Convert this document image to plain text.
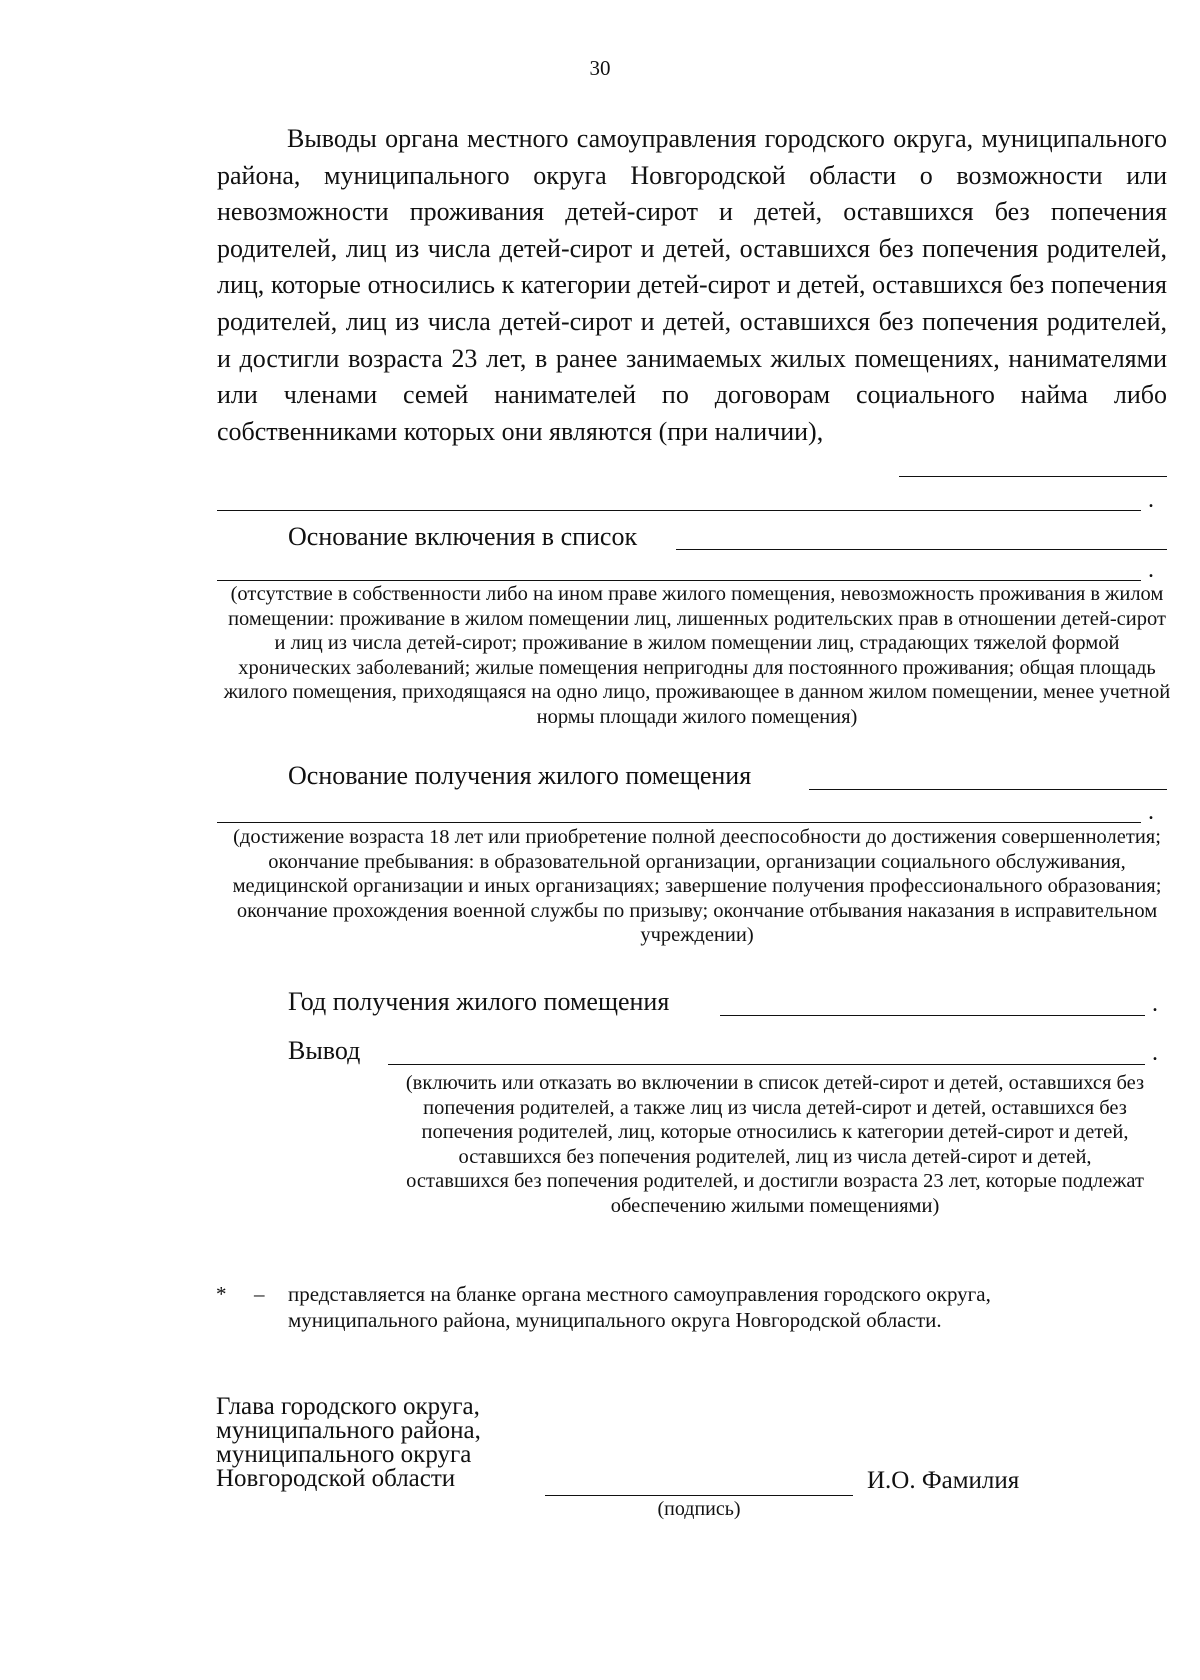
30
Выводы органа местного самоуправления городского округа, муниципального района, муниципального округа Новгородской области о возможности или невозможности проживания детей-сирот и детей, оставшихся без попечения родителей, лиц из числа детей-сирот и детей, оставшихся без попечения родителей, лиц, которые относились к категории детей-сирот и детей, оставшихся без попечения родителей, лиц из числа детей-сирот и детей, оставшихся без попечения родителей, и достигли возраста 23 лет, в ранее занимаемых жилых помещениях, нанимателями или членами семей нанимателей по договорам социального найма либо собственниками которых они являются (при наличии),
.
Основание включения в список
.
(отсутствие в собственности либо на ином праве жилого помещения, невозможность проживания в жилом помещении: проживание в жилом помещении лиц, лишенных родительских прав в отношении детей-сирот и лиц из числа детей-сирот; проживание в жилом помещении лиц, страдающих тяжелой формой хронических заболеваний; жилые помещения непригодны для постоянного проживания; общая площадь жилого помещения, приходящаяся на одно лицо, проживающее в данном жилом помещении, менее учетной нормы площади жилого помещения)
Основание получения жилого помещения
.
(достижение возраста 18 лет или приобретение полной дееспособности до достижения совершеннолетия; окончание пребывания: в образовательной организации, организации социального обслуживания, медицинской организации и иных организациях; завершение получения профессионального образования; окончание прохождения военной службы по призыву; окончание отбывания наказания в исправительном учреждении)
Год получения жилого помещения	.
Вывод	.
(включить или отказать во включении в список детей-сирот и детей, оставшихся без попечения родителей, а также лиц из числа детей-сирот и детей, оставшихся без попечения родителей, лиц, которые относились к категории детей-сирот и детей, оставшихся без попечения родителей, лиц из числа детей-сирот и детей, оставшихся без попечения родителей, и достигли возраста 23 лет, которые подлежат обеспечению жилыми помещениями)
* – представляется на бланке органа местного самоуправления городского округа, муниципального района, муниципального округа Новгородской области.
Глава городского округа,
муниципального района,
муниципального округа
Новгородской области
(подпись)
И.О. Фамилия
